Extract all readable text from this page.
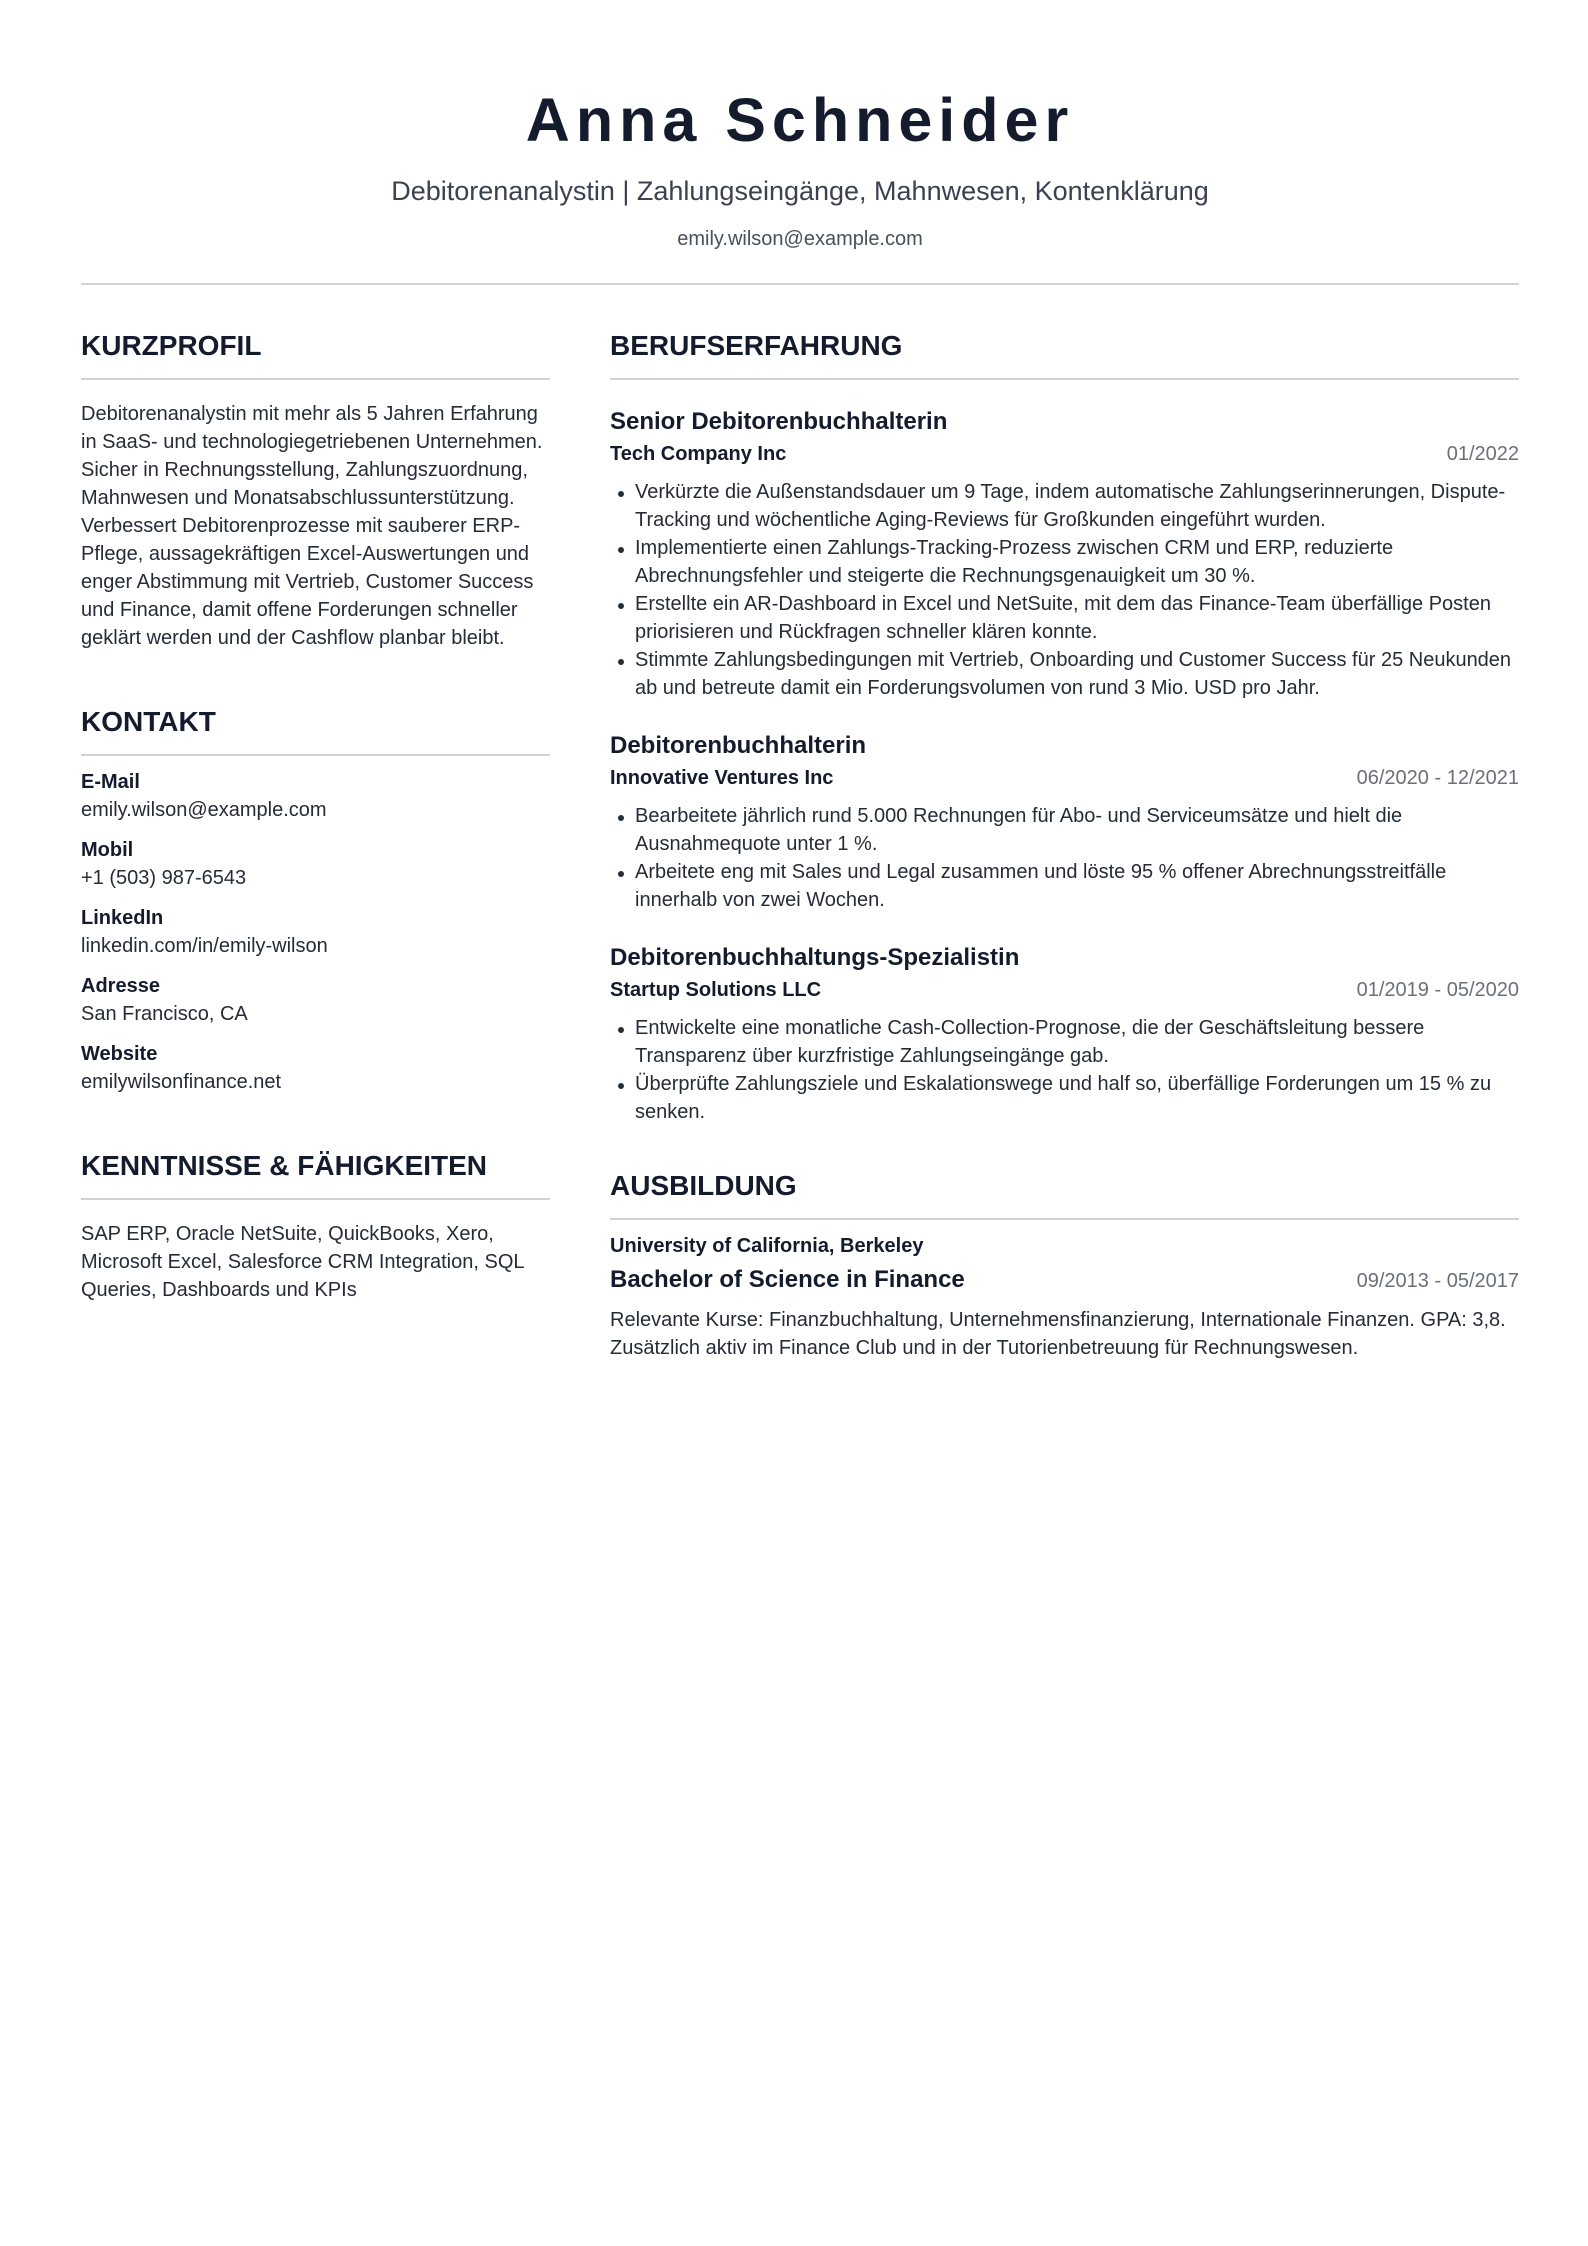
Anna Schneider
Debitorenanalystin | Zahlungseingänge, Mahnwesen, Kontenklärung
emily.wilson@example.com
KURZPROFIL
Debitorenanalystin mit mehr als 5 Jahren Erfahrung in SaaS- und technologiegetriebenen Unternehmen. Sicher in Rechnungsstellung, Zahlungszuordnung, Mahnwesen und Monatsabschlussunterstützung. Verbessert Debitorenprozesse mit sauberer ERP-Pflege, aussagekräftigen Excel-Auswertungen und enger Abstimmung mit Vertrieb, Customer Success und Finance, damit offene Forderungen schneller geklärt werden und der Cashflow planbar bleibt.
KONTAKT
E-Mail
emily.wilson@example.com
Mobil
+1 (503) 987-6543
LinkedIn
linkedin.com/in/emily-wilson
Adresse
San Francisco, CA
Website
emilywilsonfinance.net
KENNTNISSE & FÄHIGKEITEN
SAP ERP, Oracle NetSuite, QuickBooks, Xero, Microsoft Excel, Salesforce CRM Integration, SQL Queries, Dashboards und KPIs
BERUFSERFAHRUNG
Senior Debitorenbuchhalterin
Tech Company Inc	01/2022
Verkürzte die Außenstandsdauer um 9 Tage, indem automatische Zahlungserinnerungen, Dispute-Tracking und wöchentliche Aging-Reviews für Großkunden eingeführt wurden.
Implementierte einen Zahlungs-Tracking-Prozess zwischen CRM und ERP, reduzierte Abrechnungsfehler und steigerte die Rechnungsgenauigkeit um 30 %.
Erstellte ein AR-Dashboard in Excel und NetSuite, mit dem das Finance-Team überfällige Posten priorisieren und Rückfragen schneller klären konnte.
Stimmte Zahlungsbedingungen mit Vertrieb, Onboarding und Customer Success für 25 Neukunden ab und betreute damit ein Forderungsvolumen von rund 3 Mio. USD pro Jahr.
Debitorenbuchhalterin
Innovative Ventures Inc	06/2020 - 12/2021
Bearbeitete jährlich rund 5.000 Rechnungen für Abo- und Serviceumsätze und hielt die Ausnahmequote unter 1 %.
Arbeitete eng mit Sales und Legal zusammen und löste 95 % offener Abrechnungsstreitfälle innerhalb von zwei Wochen.
Debitorenbuchhaltungs-Spezialistin
Startup Solutions LLC	01/2019 - 05/2020
Entwickelte eine monatliche Cash-Collection-Prognose, die der Geschäftsleitung bessere Transparenz über kurzfristige Zahlungseingänge gab.
Überprüfte Zahlungsziele und Eskalationswege und half so, überfällige Forderungen um 15 % zu senken.
AUSBILDUNG
University of California, Berkeley
Bachelor of Science in Finance	09/2013 - 05/2017
Relevante Kurse: Finanzbuchhaltung, Unternehmensfinanzierung, Internationale Finanzen. GPA: 3,8. Zusätzlich aktiv im Finance Club und in der Tutorienbetreuung für Rechnungswesen.
